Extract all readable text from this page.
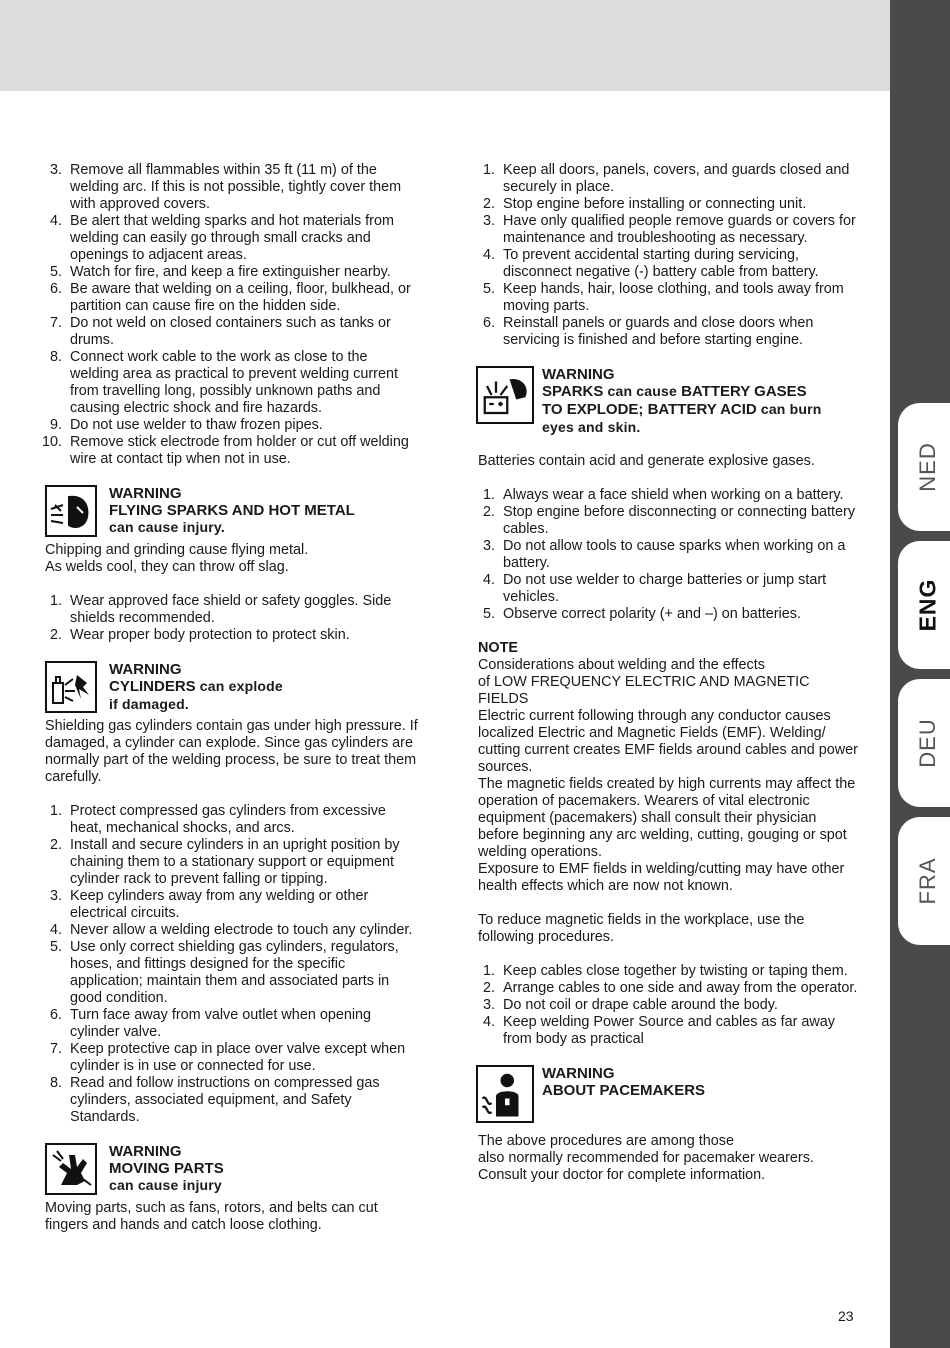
NED
ENG
DEU
FRA
3. Remove all flammables within 35 ft (11 m) of the welding arc. If this is not possible, tightly cover them with approved covers.
4. Be alert that welding sparks and hot materials from welding can easily go through small cracks and openings to adjacent areas.
5. Watch for fire, and keep a fire extinguisher nearby.
6. Be aware that welding on a ceiling, floor, bulkhead, or partition can cause fire on the hidden side.
7. Do not weld on closed containers such as tanks or drums.
8. Connect work cable to the work as close to the welding area as practical to prevent welding current from travelling long, possibly unknown paths and causing electric shock and fire hazards.
9. Do not use welder to thaw frozen pipes.
10. Remove stick electrode from holder or cut off welding wire at contact tip when not in use.
WARNING
FLYING SPARKS AND HOT METAL
can cause injury.

Chipping and grinding cause flying metal.

As welds cool, they can throw off slag.

1. Wear approved face shield or safety goggles. Side shields recommended.
2. Wear proper body protection to protect skin.
WARNING
CYLINDERS can explode
if damaged.

Shielding gas cylinders contain gas under high pressure. If damaged, a cylinder can explode. Since gas cylinders are normally part of the welding process, be sure to treat them carefully.

1. Protect compressed gas cylinders from excessive heat, mechanical shocks, and arcs.
2. Install and secure cylinders in an upright position by chaining them to a stationary support or equipment cylinder rack to prevent falling or tipping.
3. Keep cylinders away from any welding or other electrical circuits.
4. Never allow a welding electrode to touch any cylinder.
5. Use only correct shielding gas cylinders, regulators, hoses, and fittings designed for the specific application; maintain them and associated parts in good condition.
6. Turn face away from valve outlet when opening cylinder valve.
7. Keep protective cap in place over valve except when cylinder is in use or connected for use.
8. Read and follow instructions on compressed gas cylinders, associated equipment, and Safety Standards.
WARNING
MOVING PARTS
can cause injury

Moving parts, such as fans, rotors, and belts can cut fingers and hands and catch loose clothing.

1. Keep all doors, panels, covers, and guards closed and securely in place.
2. Stop engine before installing or connecting unit.
3. Have only qualified people remove guards or covers for maintenance and troubleshooting as necessary.
4. To prevent accidental starting during servicing, disconnect negative (-) battery cable from battery.
5. Keep hands, hair, loose clothing, and tools away from moving parts.
6. Reinstall panels or guards and close doors when servicing is finished and before starting engine.
WARNING
SPARKS can cause BATTERY GASES
TO EXPLODE; BATTERY ACID can burn
eyes and skin.

Batteries contain acid and generate explosive gases.

1. Always wear a face shield when working on a battery.
2. Stop engine before disconnecting or connecting battery cables.
3. Do not allow tools to cause sparks when working on a battery.
4. Do not use welder to charge batteries or jump start vehicles.
5. Observe correct polarity (+ and –) on batteries.

NOTE

Considerations about welding and the effects

of LOW FREQUENCY ELECTRIC AND MAGNETIC FIELDS

Electric current following through any conductor causes localized Electric and Magnetic Fields (EMF). Welding/ cutting current creates EMF fields around cables and power sources.

The magnetic fields created by high currents may affect the operation of pacemakers. Wearers of vital electronic equipment (pacemakers) shall consult their physician before beginning any arc welding, cutting, gouging or spot welding operations.

Exposure to EMF fields in welding/cutting may have other health effects which are now not known.

To reduce magnetic fields in the workplace, use the following procedures.

1. Keep cables close together by twisting or taping them.
2. Arrange cables to one side and away from the operator.
3. Do not coil or drape cable around the body.
4. Keep welding Power Source and cables as far away from body as practical
WARNING
ABOUT PACEMAKERS

The above procedures are among those

also normally recommended for pacemaker wearers.

Consult your doctor for complete information.

23
